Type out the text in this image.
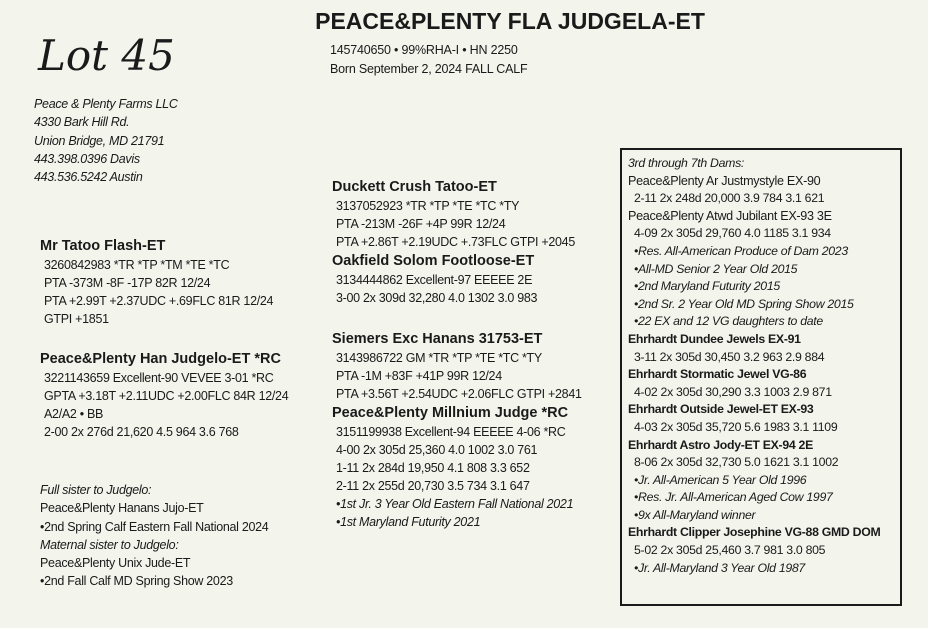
Lot 45
PEACE&PLENTY FLA JUDGELA-ET
145740650 • 99%RHA-I • HN 2250
Born September 2, 2024 FALL CALF
Peace & Plenty Farms LLC
4330 Bark Hill Rd.
Union Bridge, MD 21791
443.398.0396 Davis
443.536.5242 Austin
Duckett Crush Tatoo-ET
3137052923 *TR *TP *TE *TC *TY
PTA -213M -26F +4P 99R 12/24
PTA +2.86T +2.19UDC +.73FLC GTPI +2045
Oakfield Solom Footloose-ET
3134444862 Excellent-97 EEEEE 2E
3-00 2x 309d 32,280 4.0 1302 3.0 983
Mr Tatoo Flash-ET
3260842983 *TR *TP *TM *TE *TC
PTA -373M -8F -17P 82R 12/24
PTA +2.99T +2.37UDC +.69FLC 81R 12/24
GTPI +1851
Peace&Plenty Han Judgelo-ET *RC
3221143659 Excellent-90 VEVEE 3-01 *RC
GPTA +3.18T +2.11UDC +2.00FLC 84R 12/24
A2/A2 • BB
2-00 2x 276d 21,620 4.5 964 3.6 768
Siemers Exc Hanans 31753-ET
3143986722 GM *TR *TP *TE *TC *TY
PTA -1M +83F +41P 99R 12/24
PTA +3.56T +2.54UDC +2.06FLC GTPI +2841
Peace&Plenty Millnium Judge *RC
3151199938 Excellent-94 EEEEE 4-06 *RC
4-00 2x 305d 25,360 4.0 1002 3.0 761
1-11 2x 284d 19,950 4.1 808 3.3 652
2-11 2x 255d 20,730 3.5 734 3.1 647
•1st Jr. 3 Year Old Eastern Fall National 2021
•1st Maryland Futurity 2021
Full sister to Judgelo:
Peace&Plenty Hanans Jujo-ET
•2nd Spring Calf Eastern Fall National 2024
Maternal sister to Judgelo:
Peace&Plenty Unix Jude-ET
•2nd Fall Calf MD Spring Show 2023
3rd through 7th Dams:
Peace&Plenty Ar Justmystyle EX-90
2-11 2x 248d 20,000 3.9 784 3.1 621
Peace&Plenty Atwd Jubilant EX-93 3E
4-09 2x 305d 29,760 4.0 1185 3.1 934
•Res. All-American Produce of Dam 2023
•All-MD Senior 2 Year Old 2015
•2nd Maryland Futurity 2015
•2nd Sr. 2 Year Old MD Spring Show 2015
•22 EX and 12 VG daughters to date
Ehrhardt Dundee Jewels EX-91
3-11 2x 305d 30,450 3.2 963 2.9 884
Ehrhardt Stormatic Jewel VG-86
4-02 2x 305d 30,290 3.3 1003 2.9 871
Ehrhardt Outside Jewel-ET EX-93
4-03 2x 305d 35,720 5.6 1983 3.1 1109
Ehrhardt Astro Jody-ET EX-94 2E
8-06 2x 305d 32,730 5.0 1621 3.1 1002
•Jr. All-American 5 Year Old 1996
•Res. Jr. All-American Aged Cow 1997
•9x All-Maryland winner
Ehrhardt Clipper Josephine VG-88 GMD DOM
5-02 2x 305d 25,460 3.7 981 3.0 805
•Jr. All-Maryland 3 Year Old 1987
